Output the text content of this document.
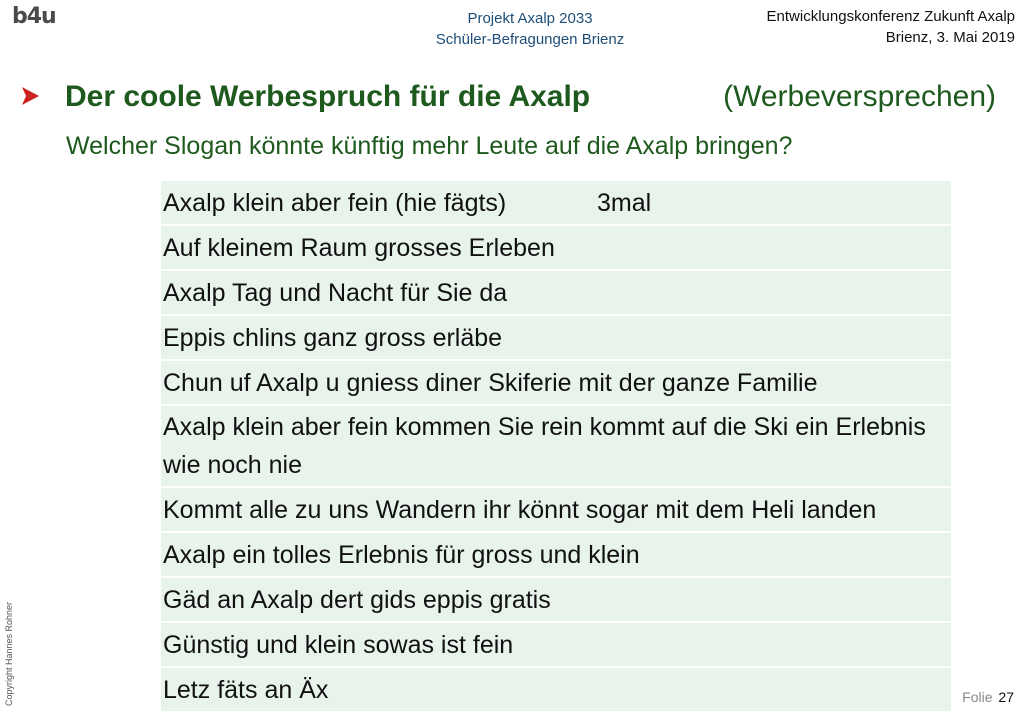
b4u	Projekt Axalp 2033
Schüler-Befragungen Brienz
Entwicklungskonferenz Zukunft Axalp
Brienz, 3. Mai 2019
Der coole Werbespruch für die Axalp	(Werbeversprechen)
Welcher Slogan könnte künftig mehr Leute auf die Axalp bringen?
Axalp klein aber fein (hie fägts)	3mal
Auf kleinem Raum grosses Erleben
Axalp Tag und Nacht für Sie da
Eppis chlins ganz gross erläbe
Chun uf Axalp u gniess diner Skiferie mit der ganze Familie
Axalp klein aber fein kommen Sie rein kommt auf die Ski ein Erlebnis wie noch nie
Kommt alle zu uns Wandern ihr könnt sogar mit dem Heli landen
Axalp ein tolles Erlebnis für gross und klein
Gäd an Axalp dert gids eppis gratis
Günstig und klein sowas ist fein
Letz fäts an Äx
Copyright Hannes Rohner	Folie 27
